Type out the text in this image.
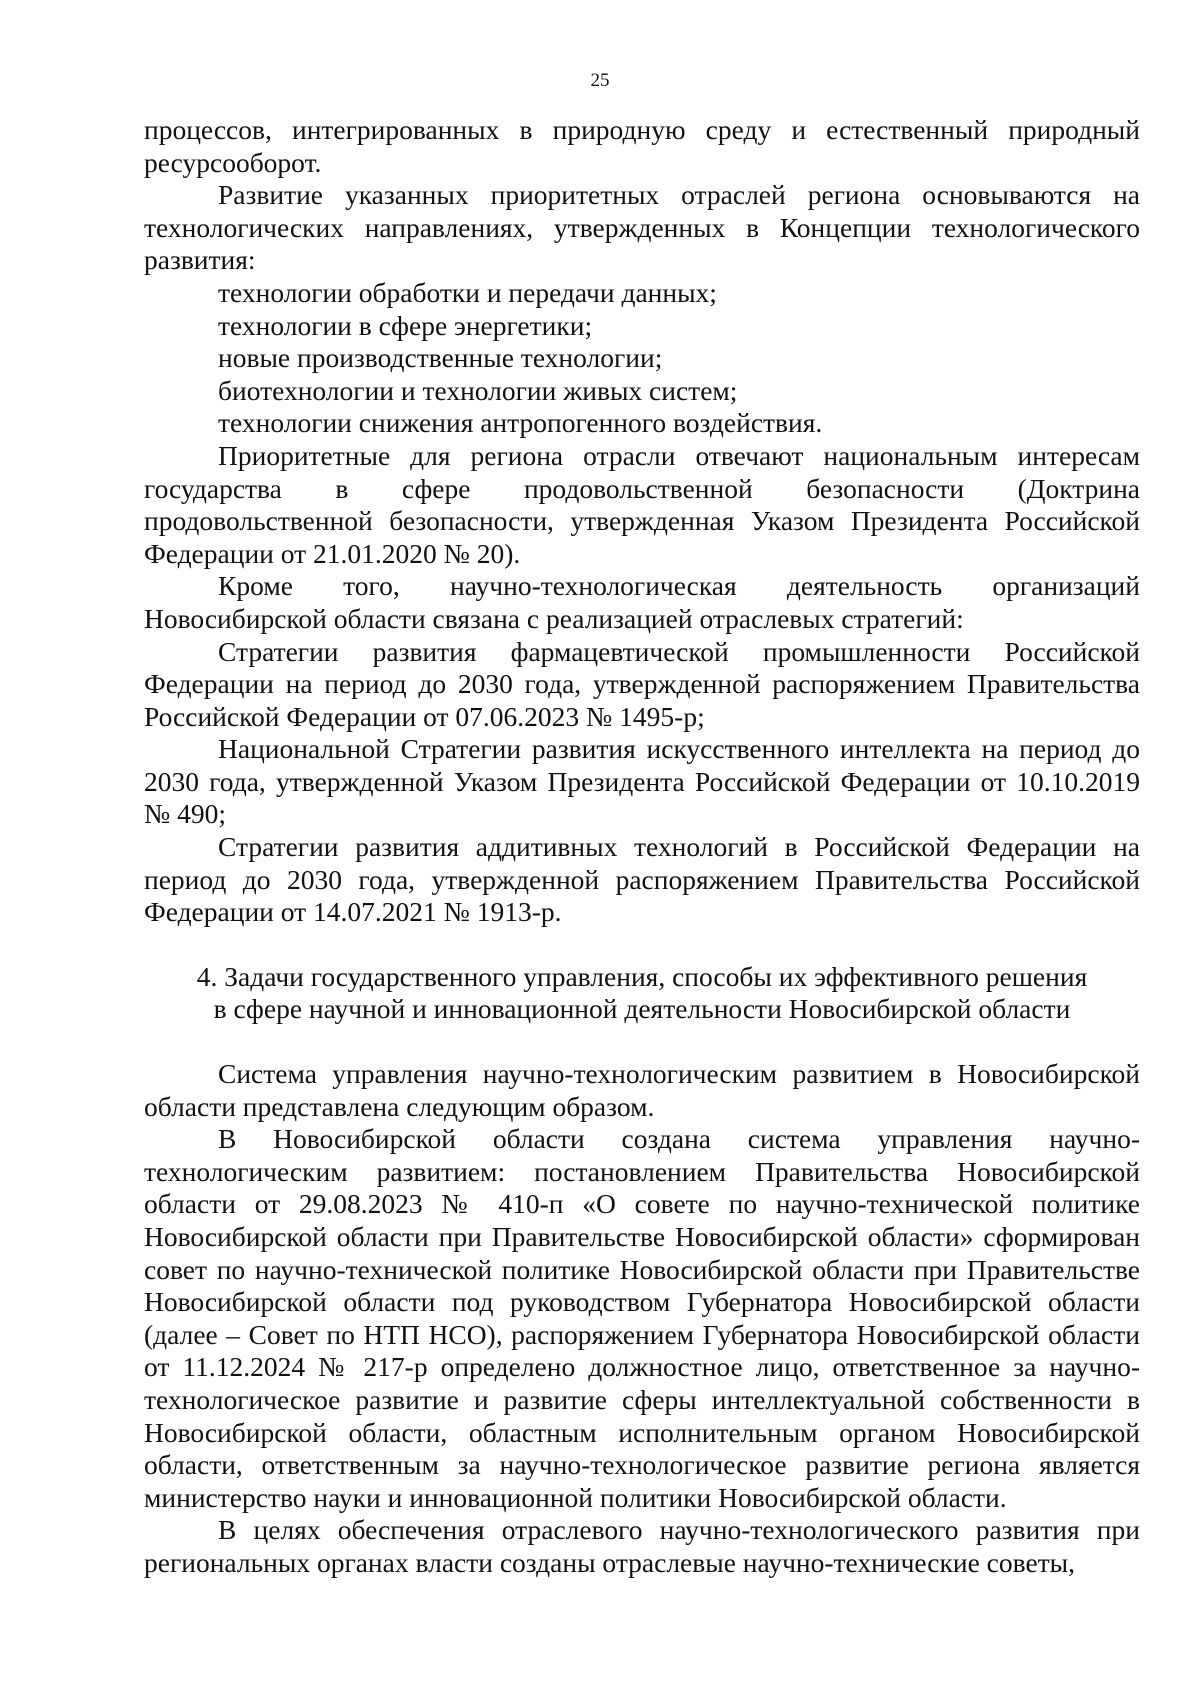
25

процессов, интегрированных в природную среду и естественный природный ресурсооборот.

Развитие указанных приоритетных отраслей региона основываются на технологических направлениях, утвержденных в Концепции технологического развития:

технологии обработки и передачи данных;

технологии в сфере энергетики;

новые производственные технологии;

биотехнологии и технологии живых систем;

технологии снижения антропогенного воздействия.

Приоритетные для региона отрасли отвечают национальным интересам государства в сфере продовольственной безопасности (Доктрина продовольственной безопасности, утвержденная Указом Президента Российской Федерации от 21.01.2020 № 20).

Кроме того, научно-технологическая деятельность организаций Новосибирской области связана с реализацией отраслевых стратегий:

Стратегии развития фармацевтической промышленности Российской Федерации на период до 2030 года, утвержденной распоряжением Правительства Российской Федерации от 07.06.2023 № 1495-р;

Национальной Стратегии развития искусственного интеллекта на период до 2030 года, утвержденной Указом Президента Российской Федерации от 10.10.2019 № 490;

Стратегии развития аддитивных технологий в Российской Федерации на период до 2030 года, утвержденной распоряжением Правительства Российской Федерации от 14.07.2021 № 1913-р.

4. Задачи государственного управления, способы их эффективного решения
в сфере научной и инновационной деятельности Новосибирской области

Система управления научно-технологическим развитием в Новосибирской области представлена следующим образом.

В Новосибирской области создана система управления научно-технологическим развитием: постановлением Правительства Новосибирской области от 29.08.2023 № 410-п «О совете по научно-технической политике Новосибирской области при Правительстве Новосибирской области» сформирован совет по научно-технической политике Новосибирской области при Правительстве Новосибирской области под руководством Губернатора Новосибирской области (далее – Совет по НТП НСО), распоряжением Губернатора Новосибирской области от 11.12.2024 № 217-р определено должностное лицо, ответственное за научно-технологическое развитие и развитие сферы интеллектуальной собственности в Новосибирской области, областным исполнительным органом Новосибирской области, ответственным за научно-технологическое развитие региона является министерство науки и инновационной политики Новосибирской области.

В целях обеспечения отраслевого научно-технологического развития при региональных органах власти созданы отраслевые научно-технические советы,
